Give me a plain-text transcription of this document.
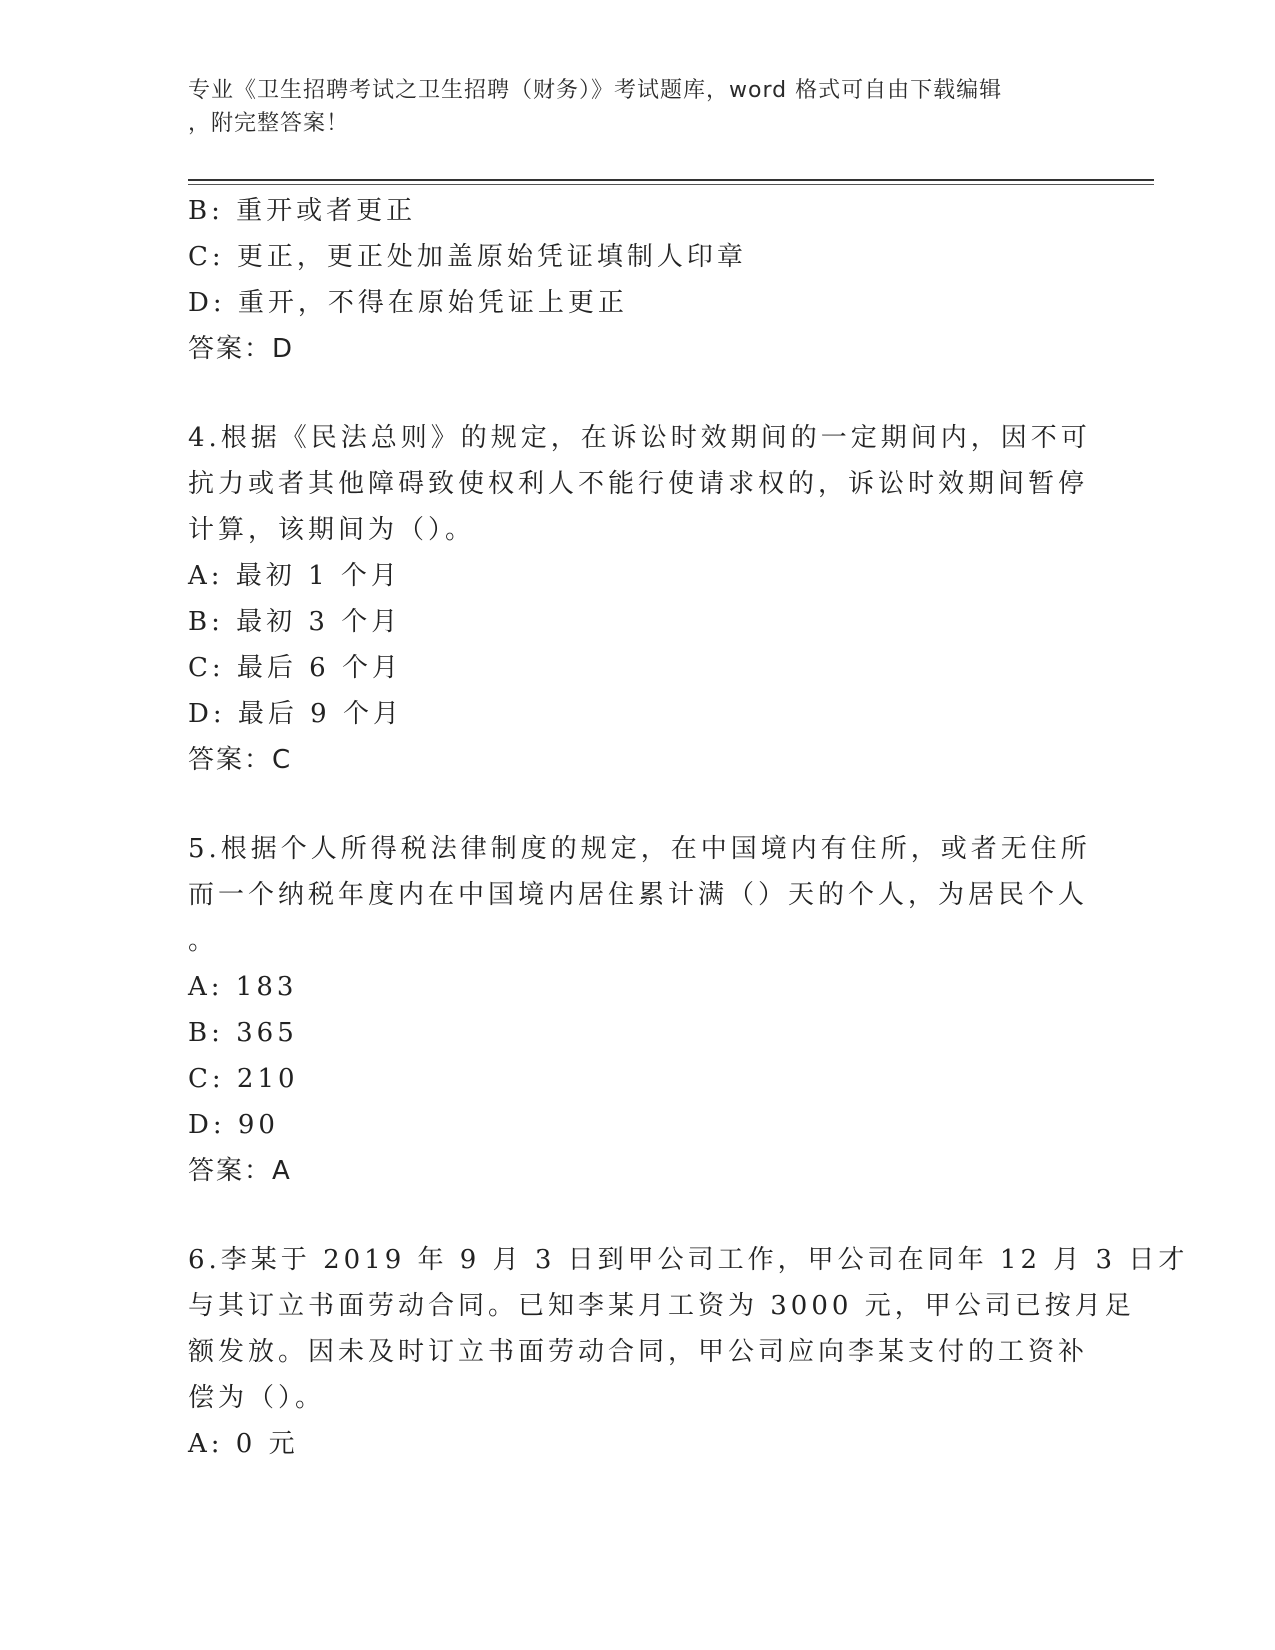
专业《卫生招聘考试之卫生招聘（财务）》考试题库，word 格式可自由下载编辑
，附完整答案！
B: 重开或者更正
C: 更正，更正处加盖原始凭证填制人印章
D: 重开，不得在原始凭证上更正
答案：D
4.根据《民法总则》的规定，在诉讼时效期间的一定期间内，因不可
抗力或者其他障碍致使权利人不能行使请求权的，诉讼时效期间暂停
计算，该期间为（）。
A: 最初 1 个月
B: 最初 3 个月
C: 最后 6 个月
D: 最后 9 个月
答案：C
5.根据个人所得税法律制度的规定，在中国境内有住所，或者无住所
而一个纳税年度内在中国境内居住累计满（）天的个人，为居民个人
。
A: 183
B: 365
C: 210
D: 90
答案：A
6.李某于 2019 年 9 月 3 日到甲公司工作，甲公司在同年 12 月 3 日才
与其订立书面劳动合同。已知李某月工资为 3000 元，甲公司已按月足
额发放。因未及时订立书面劳动合同，甲公司应向李某支付的工资补
偿为（）。
A: 0 元
